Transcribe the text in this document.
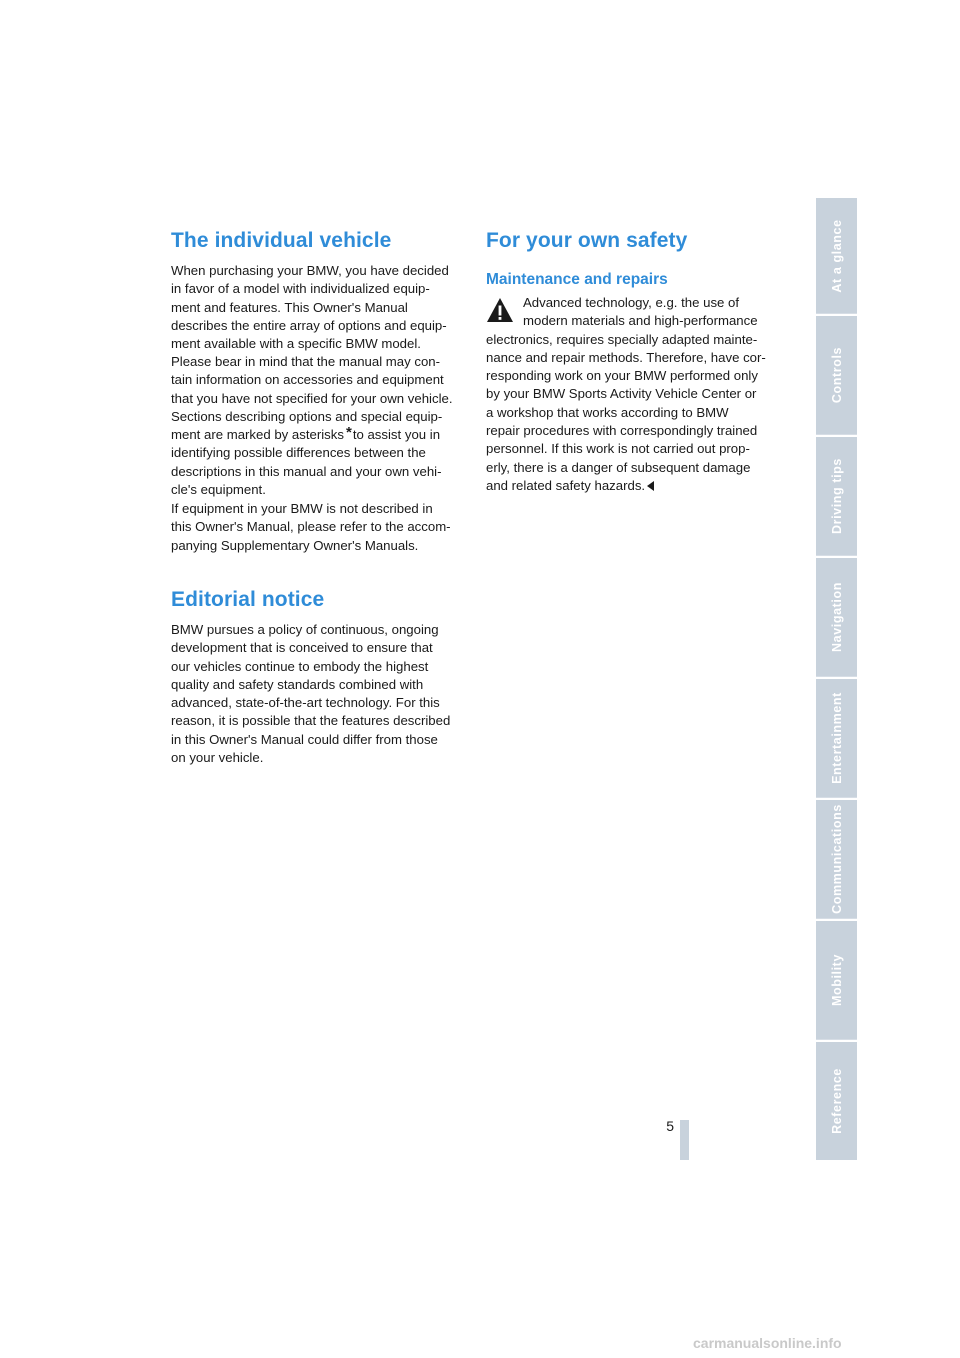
The individual vehicle

When purchasing your BMW, you have decided
in favor of a model with individualized equip-
ment and features. This Owner's Manual
describes the entire array of options and equip-
ment available with a specific BMW model.

Please bear in mind that the manual may con-
tain information on accessories and equipment
that you have not specified for your own vehicle.
Sections describing options and special equip-
ment are marked by asterisks *to assist you in
identifying possible differences between the
descriptions in this manual and your own vehi-
cle's equipment.

If equipment in your BMW is not described in
this Owner's Manual, please refer to the accom-
panying Supplementary Owner's Manuals.

Editorial notice

BMW pursues a policy of continuous, ongoing
development that is conceived to ensure that
our vehicles continue to embody the highest
quality and safety standards combined with
advanced, state-of-the-art technology. For this
reason, it is possible that the features described
in this Owner's Manual could differ from those
on your vehicle.

For your own safety
Maintenance and repairs

Advanced technology, e.g. the use of
modern materials and high-performance
electronics, requires specially adapted mainte-
nance and repair methods. Therefore, have cor-
responding work on your BMW performed only
by your BMW Sports Activity Vehicle Center or
a workshop that works according to BMW
repair procedures with correspondingly trained
personnel. If this work is not carried out prop-
erly, there is a danger of subsequent damage
and related safety hazards.

At a glance
Controls
Driving tips
Navigation
Entertainment
Communications
Mobility
Reference
5
carmanualsonline.info
